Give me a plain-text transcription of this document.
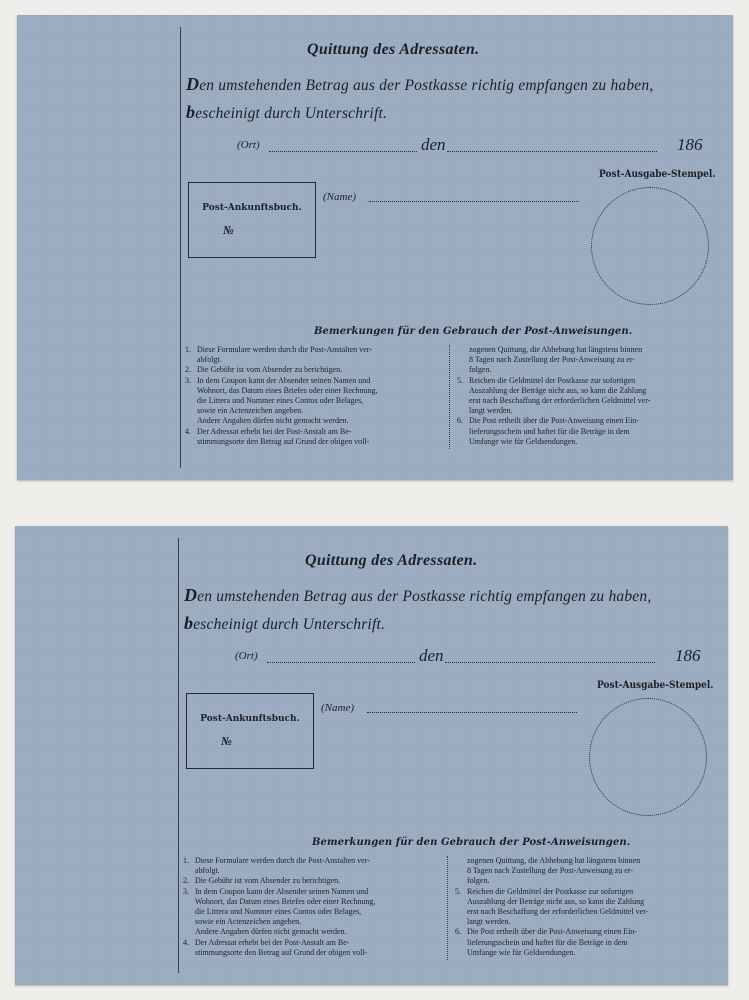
Quittung des Adressaten.
Den umstehenden Betrag aus der Postkasse richtig empfangen zu haben,
bescheinigt durch Unterschrift.
(Ort)	den	186
Post-Ausgabe-Stempel.
Post-Ankunftsbuch.
№
(Name)
Bemerkungen für den Gebrauch der Post-Anweisungen.

1. Diese Formulare werden durch die Post-Anstalten ver-

abfolgt.

2. Die Gebühr ist vom Absender zu berichtigen.

3. In dem Coupon kann der Absender seinen Namen und

Wohnort, das Datum eines Briefes oder einer Rechnung,

die Littera und Nummer eines Contos oder Belages,

sowie ein Actenzeichen angeben.

Andere Angaben dürfen nicht gemacht werden.

4. Der Adressat erhebt bei der Post-Anstalt am Be-

stimmungsorte den Betrag auf Grund der obigen voll-

zogenen Quittung, die Abhebung hat längstens binnen

8 Tagen nach Zustellung der Post-Anweisung zu er-

folgen.

5. Reichen die Geldmittel der Postkasse zur sofortigen

Auszahlung der Beträge nicht aus, so kann die Zahlung

erst nach Beschaffung der erforderlichen Geldmittel ver-

langt werden.

6. Die Post ertheilt über die Post-Anweisung einen Ein-

lieferungsschein und haftet für die Beträge in dem

Umfange wie für Geldsendungen.

Quittung des Adressaten.
Den umstehenden Betrag aus der Postkasse richtig empfangen zu haben,
bescheinigt durch Unterschrift.
(Ort)	den	186
Post-Ausgabe-Stempel.
Post-Ankunftsbuch.
№
(Name)
Bemerkungen für den Gebrauch der Post-Anweisungen.

1. Diese Formulare werden durch die Post-Anstalten ver-

abfolgt.

2. Die Gebühr ist vom Absender zu berichtigen.

3. In dem Coupon kann der Absender seinen Namen und

Wohnort, das Datum eines Briefes oder einer Rechnung,

die Littera und Nummer eines Contos oder Belages,

sowie ein Actenzeichen angeben.

Andere Angaben dürfen nicht gemacht werden.

4. Der Adressat erhebt bei der Post-Anstalt am Be-

stimmungsorte den Betrag auf Grund der obigen voll-

zogenen Quittung, die Abhebung hat längstens binnen

8 Tagen nach Zustellung der Post-Anweisung zu er-

folgen.

5. Reichen die Geldmittel der Postkasse zur sofortigen

Auszahlung der Beträge nicht aus, so kann die Zahlung

erst nach Beschaffung der erforderlichen Geldmittel ver-

langt werden.

6. Die Post ertheilt über die Post-Anweisung einen Ein-

lieferungsschein und haftet für die Beträge in dem

Umfange wie für Geldsendungen.
